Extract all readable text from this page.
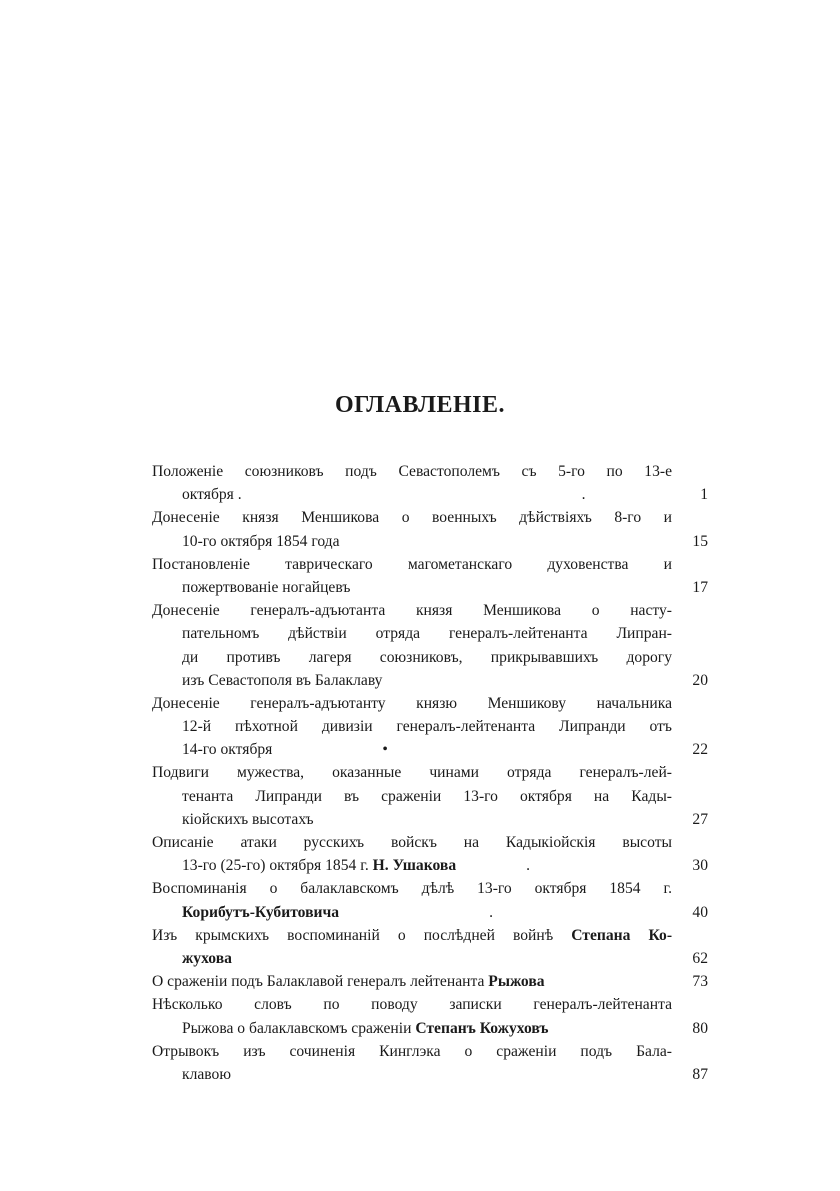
ОГЛАВЛЕНІЕ.
Положеніе союзниковъ подъ Севастополемъ съ 5-го по 13-е
октября .	.	1
Донесеніе князя Меншикова о военныхъ дѣйствіяхъ 8-го и
10-го октября 1854 года	15
Постановленіе таврическаго магометанскаго духовенства и
пожертвованіе ногайцевъ	17
Донесеніе генералъ-адъютанта князя Меншикова о насту-
пательномъ дѣйствіи отряда генералъ-лейтенанта Липран-
ди противъ лагеря союзниковъ, прикрывавшихъ дорогу
изъ Севастополя въ Балаклаву	20
Донесеніе генералъ-адъютанту князю Меншикову начальника
12-й пѣхотной дивизіи генералъ-лейтенанта Липранди отъ
14-го октября	•	22
Подвиги мужества, оказанные чинами отряда генералъ-лей-
тенанта Липранди въ сраженіи 13-го октября на Кады-
кіойскихъ высотахъ	27
Описаніе атаки русскихъ войскъ на Кадыкіойскія высоты
13-го (25-го) октября 1854 г. Н. Ушакова	.	30
Воспоминанія о балаклавскомъ дѣлѣ 13-го октября 1854 г.
Корибутъ-Кубитовича	.	40
Изъ крымскихъ воспоминаній о послѣдней войнѣ Степана Ко-
жухова	62
О сраженіи подъ Балаклавой генералъ лейтенанта Рыжова	73
Нѣсколько словъ по поводу записки генералъ-лейтенанта
Рыжова о балаклавскомъ сраженіи Степанъ Кожуховъ	80
Отрывокъ изъ сочиненія Кинглэка о сраженіи подъ Бала-
клавою	87
